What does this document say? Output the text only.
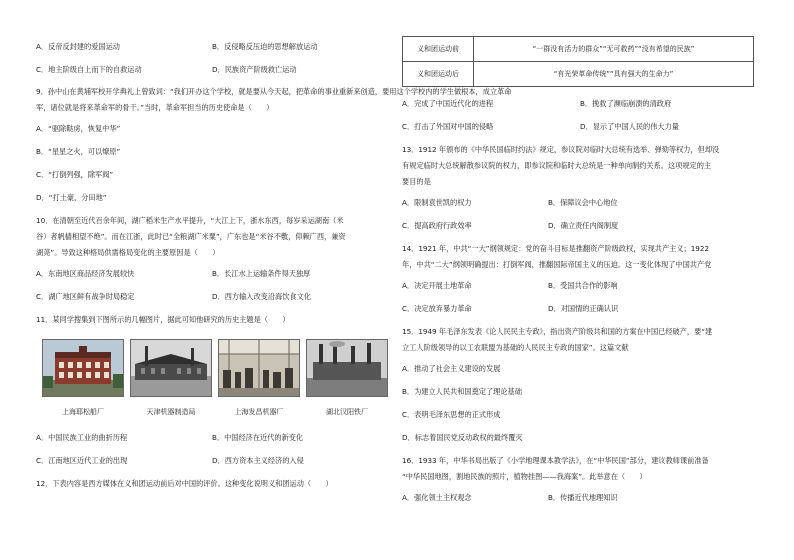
A．反帝反封建的爱国运动	B．反侵略反压迫的思想解放运动
C．地主阶级自上而下的自救运动	D．民族资产阶级救亡运动
9．孙中山在黄埔军校开学典礼上曾致词：“我们开办这个学校，就是要从今天起，把革命的事业重新来创造，要用这个学校内的学生做根本，成立革命
军，诸位就是将来革命军的骨干。”当时，革命军担当的历史使命是（　　）
A．“驱除鞑虏，恢复中华”
B．“星星之火，可以燎原”
C．“打倒列强，除军阀”
D．“打土豪，分田地”
10．在清朝至近代百余年间，湖广稻米生产水平提升，“大江上下，浙水东西，每岁采运湖南（米
谷）者帆樯相望不绝”。而在江浙，此时已“全粮湖广米粟”，广东也是“米谷不敷，仰赖广西，兼资
湖荛”。导致这种格局供需格局变化的主要原因是（　　）
A．东南地区商品经济发展较快	B．长江水上运输条件得天独厚
C．湖广地区鲜有战争时局稳定	D．西方输入改变沿海饮食文化
11．某同学搜集到下图所示的几幅图片，据此可知他研究的历史主题是（　　）
上海耶松船厂	天津机器制造局	上海发昌机器厂	湖北汉阳铁厂
A．中国民族工业的曲折历程	B．中国经济在近代的新变化
C．江南地区近代工业的出现	D．西方资本主义经济的入侵
12．下表内容是西方媒体在义和团运动前后对中国的评价。这种变化说明义和团运动（　　）
义和团运动前	“一群没有活力的群众”“无可救药”“没有希望的民族”
义和团运动后	“有光荣革命传统”“具有强大的生命力”
A．完成了中国近代化的进程	B．挽救了濒临崩溃的清政府
C．打击了外国对中国的侵略	D．显示了中国人民的伟大力量
13．1912 年颁布的《中华民国临时约法》规定，参议院对临时大总统有选举、弹劾等权力，但却没
有规定临时大总统解散参议院的权力，即参议院和临时大总统是一种单向制约关系。这项规定的主
要目的是
A．限制袁世凯的权力	B．保障议会中心地位
C．提高政府行政效率	D．确立责任内阁制度
14．1921 年，中共“一大”纲领规定：党的奋斗目标是推翻资产阶级政权，实现共产主义；1922
年，中共“二大”纲领明确提出：打倒军阀，推翻国际帝国主义的压迫。这一变化体现了中国共产党
A．决定开展土地革命	B．受国共合作的影响
C．决定放弃暴力革命	D．对国情的正确认识
15．1949 年毛泽东发表《论人民民主专政》，指出资产阶级共和国的方案在中国已经破产，要“建
立工人阶级领导的以工农联盟为基础的人民民主专政的国家”。这篇文献
A．推动了社会主义建设的发展
B．为建立人民共和国奠定了理论基础
C．表明毛泽东思想的正式形成
D．标志着国民党反动政权的最终覆灭
16．1933 年，中华书局出版了《小学地理课本教学法》，在“中华民国”部分，建议教师课前准备
“中华民国地图，割地民族的照片，植物挂图——我海案”。此举意在（　　）
A．强化领土主权观念	B．传播近代地理知识
